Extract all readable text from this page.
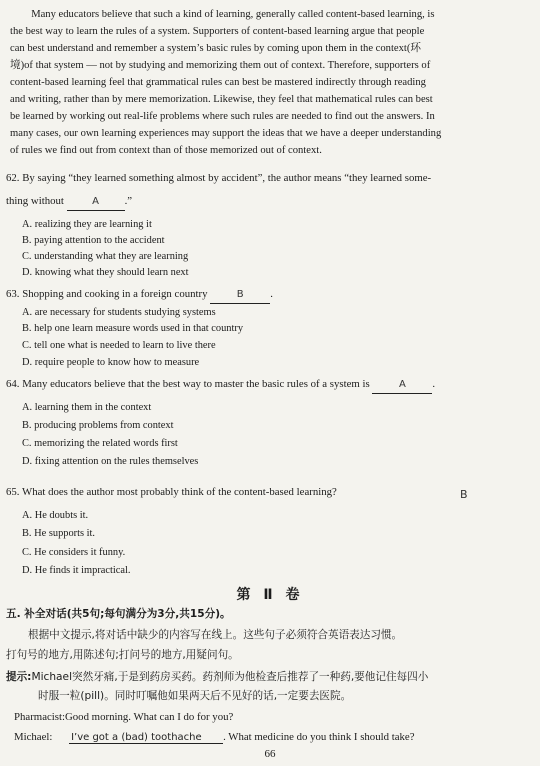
Many educators believe that such a kind of learning, generally called content-based learning, is
the best way to learn the rules of a system. Supporters of content-based learning argue that people
can best understand and remember a system’s basic rules by coming upon them in the context(环
境)of that system — not by studying and memorizing them out of context. Therefore, supporters of
content-based learning feel that grammatical rules can best be mastered indirectly through reading
and writing, rather than by mere memorization. Likewise, they feel that mathematical rules can best
be learned by working out real-life problems where such rules are needed to find out the answers. In
many cases, our own learning experiences may support the ideas that we have a deeper understanding
of rules we find out from context than of those memorized out of context.
62. By saying “they learned something almost by accident”, the author means “they learned some-
thing without	A .”
A. realizing they are learning it
B. paying attention to the accident
C. understanding what they are learning
D. knowing what they should learn next
63. Shopping and cooking in a foreign country	B .
A. are necessary for students studying systems
B. help one learn measure words used in that country
C. tell one what is needed to learn to live there
D. require people to know how to measure
64. Many educators believe that the best way to master the basic rules of a system is	A .
A. learning them in the context
B. producing problems from context
C. memorizing the related words first
D. fixing attention on the rules themselves
65. What does the author most probably think of the content-based learning?	B
A. He doubts it.
B. He supports it.
C. He considers it funny.
D. He finds it impractical.
第 Ⅱ 卷
五. 补全对话(共5句;每句满分为3分,共15分)。
根据中文提示,将对话中缺少的内容写在线上。这些句子必须符合英语表达习惯。
打句号的地方,用陈述句;打问号的地方,用疑问句。
提示:Michael突然牙痛,于是到药房买药。药剂师为他检查后推荐了一种药,要他记住每四小
时服一粒(pill)。同时叮嘱他如果两天后不见好的话,一定要去医院。
Pharmacist:Good morning. What can I do for you?
Michael: I’ve got a (bad) toothache . What medicine do you think I should take?
66
